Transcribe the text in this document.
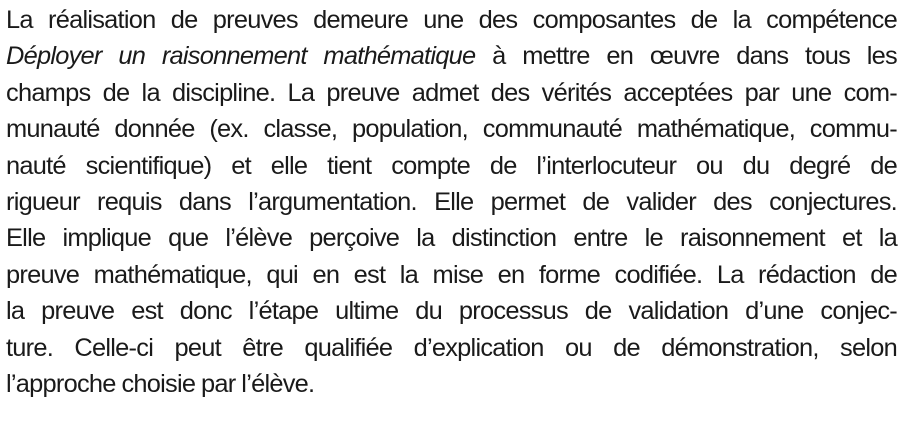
La réalisation de preuves demeure une des composantes de la compétence
Déployer un raisonnement mathématique à mettre en œuvre dans tous les
champs de la discipline. La preuve admet des vérités acceptées par une com-
munauté donnée (ex. classe, population, communauté mathématique, commu-
nauté scientifique) et elle tient compte de l’interlocuteur ou du degré de
rigueur requis dans l’argumentation. Elle permet de valider des conjectures.
Elle implique que l’élève perçoive la distinction entre le raisonnement et la
preuve mathématique, qui en est la mise en forme codifiée. La rédaction de
la preuve est donc l’étape ultime du processus de validation d’une conjec-
ture. Celle-ci peut être qualifiée d’explication ou de démonstration, selon
l’approche choisie par l’élève.
